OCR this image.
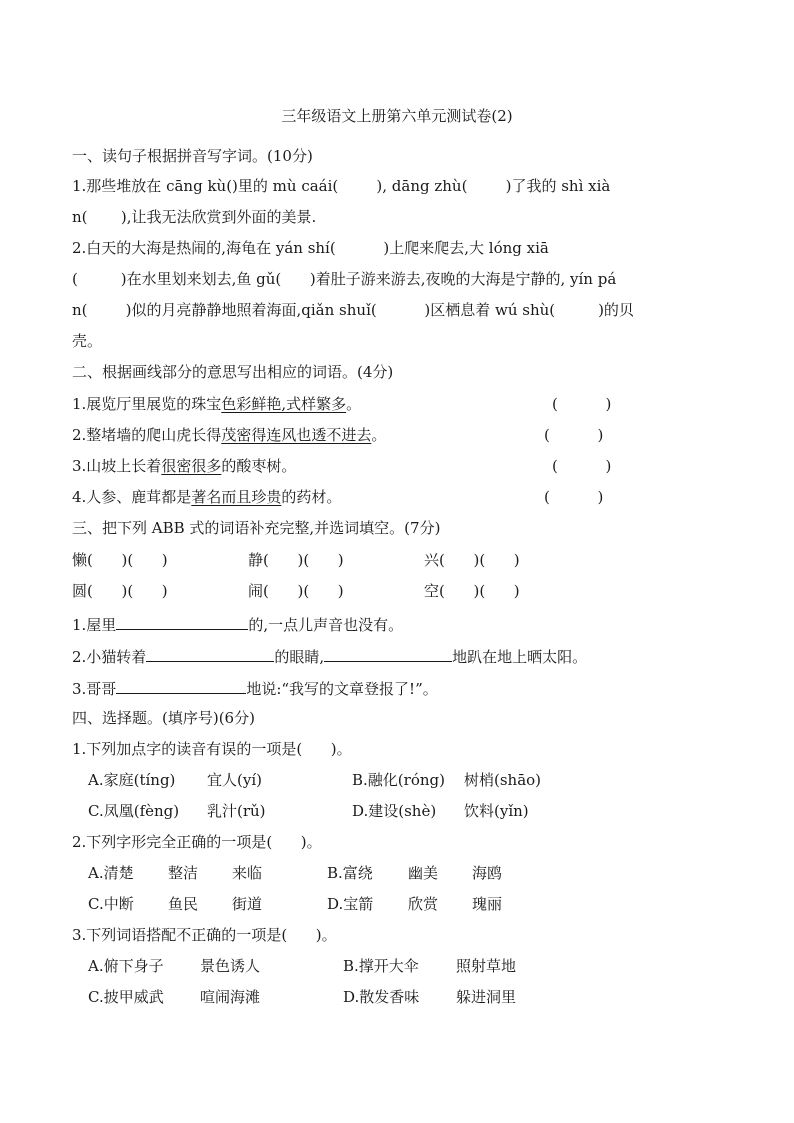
三年级语文上册第六单元测试卷(2)
一、读句子根据拼音写字词。(10分)
1.那些堆放在 cāng kù()里的 mù caái(        ), dāng zhù(        )了我的 shì xià
n(       ),让我无法欣赏到外面的美景.
2.白天的大海是热闹的,海龟在 yán shí(          )上爬来爬去,大 lóng xiā
(         )在水里划来划去,鱼 gǔ(      )着肚子游来游去,夜晚的大海是宁静的, yín pá
n(        )似的月亮静静地照着海面,qiǎn shuǐ(          )区栖息着 wú shù(         )的贝
壳。
二、根据画线部分的意思写出相应的词语。(4分)
1.展览厅里展览的珠宝色彩鲜艳,式样繁多。	(          )
2.整堵墙的爬山虎长得茂密得连风也透不进去。	(          )
3.山坡上长着很密很多的酸枣树。	(          )
4.人参、鹿茸都是著名而且珍贵的药材。	(          )
三、把下列 ABB 式的词语补充完整,并选词填空。(7分)
懒(      )(      )	静(      )(      )	兴(      )(      )
圆(      )(      )	闹(      )(      )	空(      )(      )
1.屋里	的,一点儿声音也没有。
2.小猫转着	的眼睛,	地趴在地上晒太阳。
3.哥哥	地说:“我写的文章登报了!”。
四、选择题。(填序号)(6分)
1.下列加点字的读音有误的一项是(      )。
A.家庭(tíng) 宜人(yí)	B.融化(róng) 树梢(shāo)
C.凤凰(fèng) 乳汁(rǔ)	D.建设(shè) 饮料(yǐn)
2.下列字形完全正确的一项是(      )。
A.清楚 整洁 来临	B.富绕 幽美 海鸥
C.中断 鱼民 街道	D.宝箭 欣赏 瑰丽
3.下列词语搭配不正确的一项是(      )。
A.俯下身子 景色诱人	B.撑开大伞 照射草地
C.披甲威武 喧闹海滩	D.散发香味 躲进洞里
